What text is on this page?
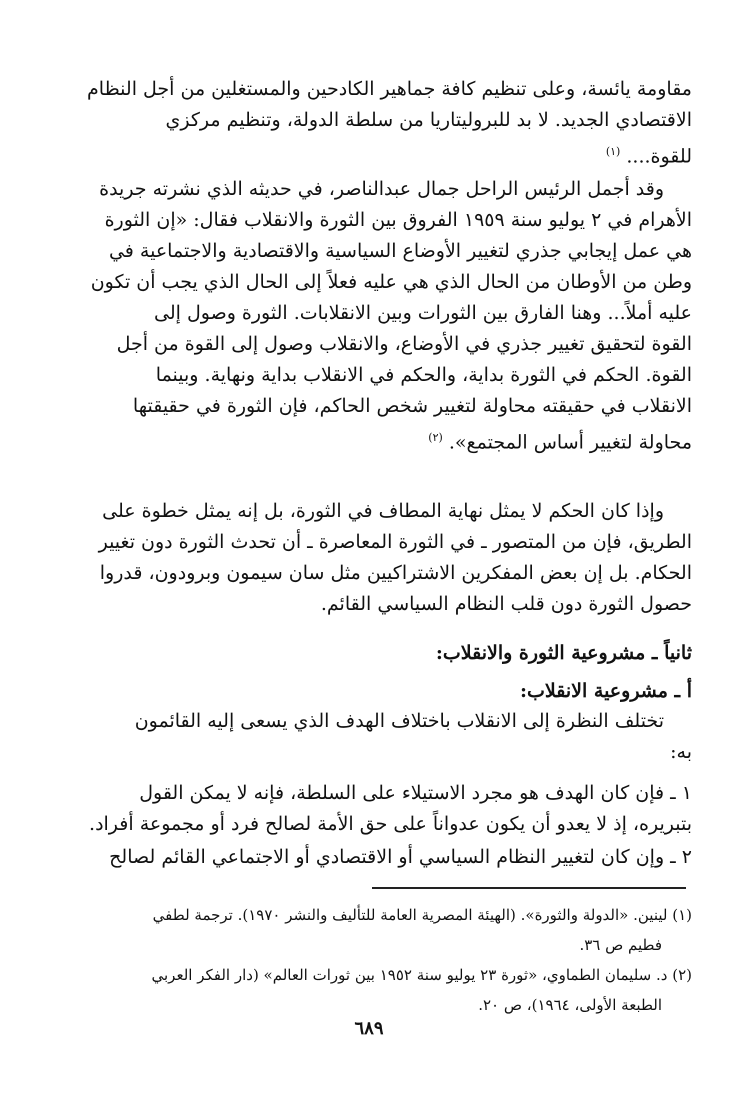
مقاومة يائسة، وعلى تنظيم كافة جماهير الكادحين والمستغلين من أجل النظام
الاقتصادي الجديد. لا بد للبروليتاريا من سلطة الدولة، وتنظيم مركزي
للقوة.... $^{(١)}$
وقد أجمل الرئيس الراحل جمال عبدالناصر، في حديثه الذي نشرته جريدة
الأهرام في ٢ يوليو سنة ١٩٥٩ الفروق بين الثورة والانقلاب فقال: «إن الثورة
هي عمل إيجابي جذري لتغيير الأوضاع السياسية والاقتصادية والاجتماعية في
وطن من الأوطان من الحال الذي هي عليه فعلاً إلى الحال الذي يجب أن تكون
عليه أملاً... وهنا الفارق بين الثورات وبين الانقلابات. الثورة وصول إلى
القوة لتحقيق تغيير جذري في الأوضاع، والانقلاب وصول إلى القوة من أجل
القوة. الحكم في الثورة بداية، والحكم في الانقلاب بداية ونهاية. وبينما
الانقلاب في حقيقته محاولة لتغيير شخص الحاكم، فإن الثورة في حقيقتها
محاولة لتغيير أساس المجتمع». $^{(٢)}$
وإذا كان الحكم لا يمثل نهاية المطاف في الثورة، بل إنه يمثل خطوة على
الطريق، فإن من المتصور ـ في الثورة المعاصرة ـ أن تحدث الثورة دون تغيير
الحكام. بل إن بعض المفكرين الاشتراكيين مثل سان سيمون وبرودون، قدروا
حصول الثورة دون قلب النظام السياسي القائم.
ثانياً ـ مشروعية الثورة والانقلاب:
أ ـ مشروعية الانقلاب:
تختلف النظرة إلى الانقلاب باختلاف الهدف الذي يسعى إليه القائمون
به:
١ ـ فإن كان الهدف هو مجرد الاستيلاء على السلطة، فإنه لا يمكن القول
بتبريره، إذ لا يعدو أن يكون عدواناً على حق الأمة لصالح فرد أو مجموعة أفراد.
٢ ـ وإن كان لتغيير النظام السياسي أو الاقتصادي أو الاجتماعي القائم لصالح
(١) لينين. «الدولة والثورة». (الهيئة المصرية العامة للتأليف والنشر ١٩٧٠). ترجمة لطفي
فطيم ص ٣٦.
(٢) د. سليمان الطماوي، «ثورة ٢٣ يوليو سنة ١٩٥٢ بين ثورات العالم» (دار الفكر العربي
الطبعة الأولى، ١٩٦٤)، ص ٢٠.
٦٨٩
